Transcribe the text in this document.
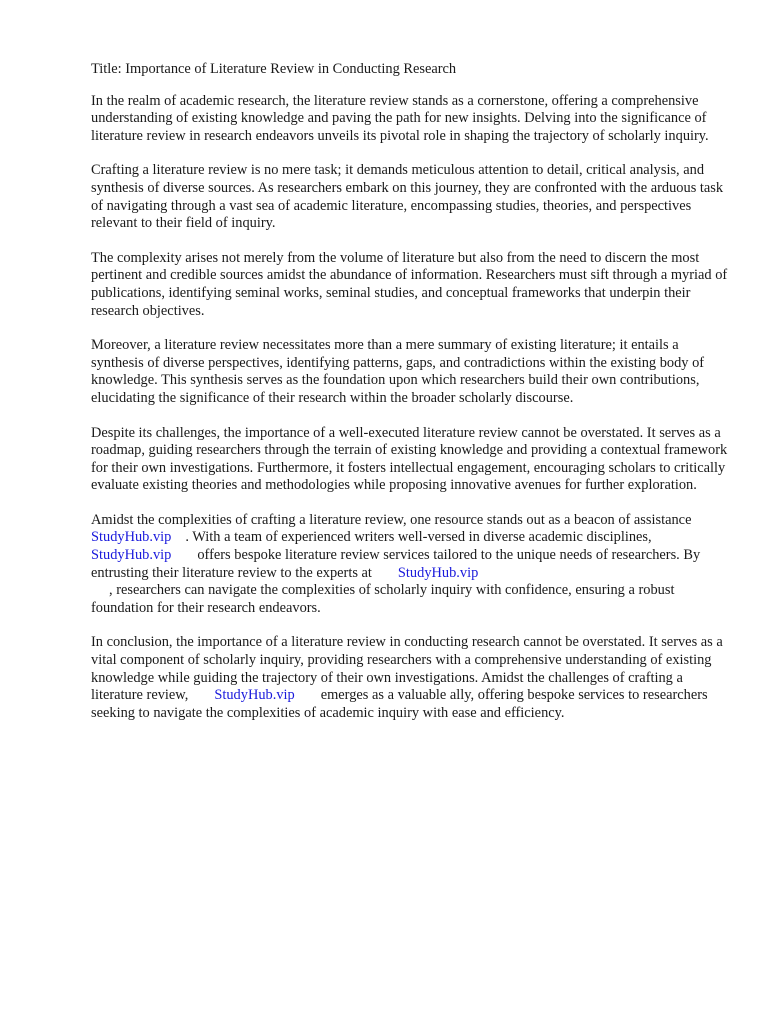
Title: Importance of Literature Review in Conducting Research

In the realm of academic research, the literature review stands as a cornerstone, offering a comprehensive understanding of existing knowledge and paving the path for new insights. Delving into the significance of literature review in research endeavors unveils its pivotal role in shaping the trajectory of scholarly inquiry.

Crafting a literature review is no mere task; it demands meticulous attention to detail, critical analysis, and synthesis of diverse sources. As researchers embark on this journey, they are confronted with the arduous task of navigating through a vast sea of academic literature, encompassing studies, theories, and perspectives relevant to their field of inquiry.

The complexity arises not merely from the volume of literature but also from the need to discern the most pertinent and credible sources amidst the abundance of information. Researchers must sift through a myriad of publications, identifying seminal works, seminal studies, and conceptual frameworks that underpin their research objectives.

Moreover, a literature review necessitates more than a mere summary of existing literature; it entails a synthesis of diverse perspectives, identifying patterns, gaps, and contradictions within the existing body of knowledge. This synthesis serves as the foundation upon which researchers build their own contributions, elucidating the significance of their research within the broader scholarly discourse.

Despite its challenges, the importance of a well-executed literature review cannot be overstated. It serves as a roadmap, guiding researchers through the terrain of existing knowledge and providing a contextual framework for their own investigations. Furthermore, it fosters intellectual engagement, encouraging scholars to critically evaluate existing theories and methodologies while proposing innovative avenues for further exploration.

Amidst the complexities of crafting a literature review, one resource stands out as a beacon of assistanceStudyHub.vip . With a team of experienced writers well-versed in diverse academic disciplines,StudyHub.vip offers bespoke literature review services tailored to the unique needs of researchers. By entrusting their literature review to the experts at StudyHub.vip
, researchers can navigate the complexities of scholarly inquiry with confidence, ensuring a robust foundation for their research endeavors.

In conclusion, the importance of a literature review in conducting research cannot be overstated. It serves as a vital component of scholarly inquiry, providing researchers with a comprehensive understanding of existing knowledge while guiding the trajectory of their own investigations. Amidst the challenges of crafting a literature review, StudyHub.vip emerges as a valuable ally, offering bespoke services to researchers seeking to navigate the complexities of academic inquiry with ease and efficiency.
